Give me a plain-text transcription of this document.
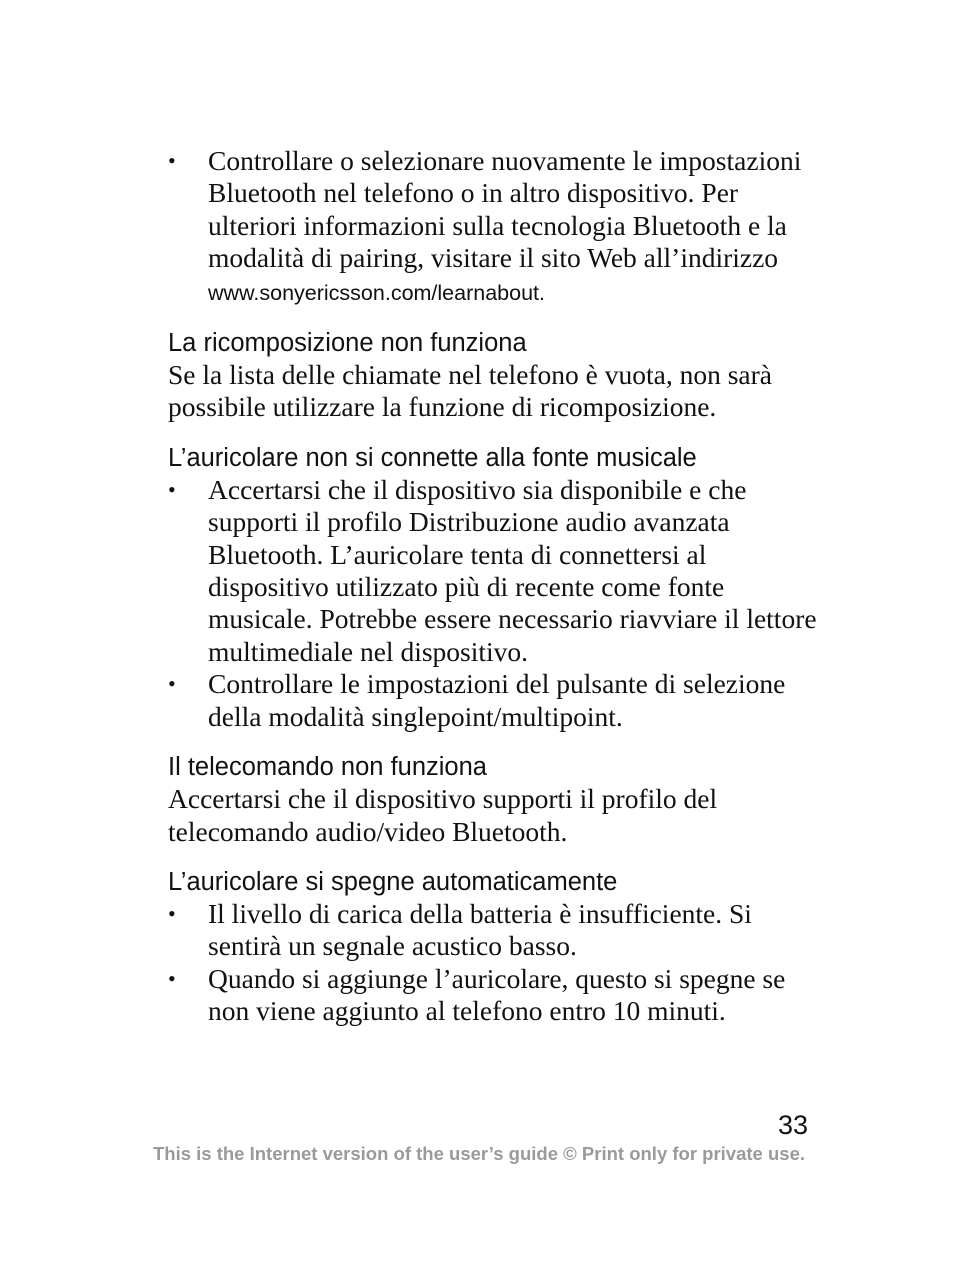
• Controllare o selezionare nuovamente le impostazioni Bluetooth nel telefono o in altro dispositivo. Per ulteriori informazioni sulla tecnologia Bluetooth e la modalità di pairing, visitare il sito Web all’indirizzo
www.sonyericsson.com/learnabout.
La ricomposizione non funziona

Se la lista delle chiamate nel telefono è vuota, non sarà possibile utilizzare la funzione di ricomposizione.

L’auricolare non si connette alla fonte musicale
• Accertarsi che il dispositivo sia disponibile e che supporti il profilo Distribuzione audio avanzata Bluetooth. L’auricolare tenta di connettersi al dispositivo utilizzato più di recente come fonte musicale. Potrebbe essere necessario riavviare il lettore multimediale nel dispositivo.
• Controllare le impostazioni del pulsante di selezione della modalità singlepoint/multipoint.
Il telecomando non funziona

Accertarsi che il dispositivo supporti il profilo del telecomando audio/video Bluetooth.

L’auricolare si spegne automaticamente
• Il livello di carica della batteria è insufficiente. Si sentirà un segnale acustico basso.
• Quando si aggiunge l’auricolare, questo si spegne se non viene aggiunto al telefono entro 10 minuti.
33
This is the Internet version of the user’s guide © Print only for private use.
